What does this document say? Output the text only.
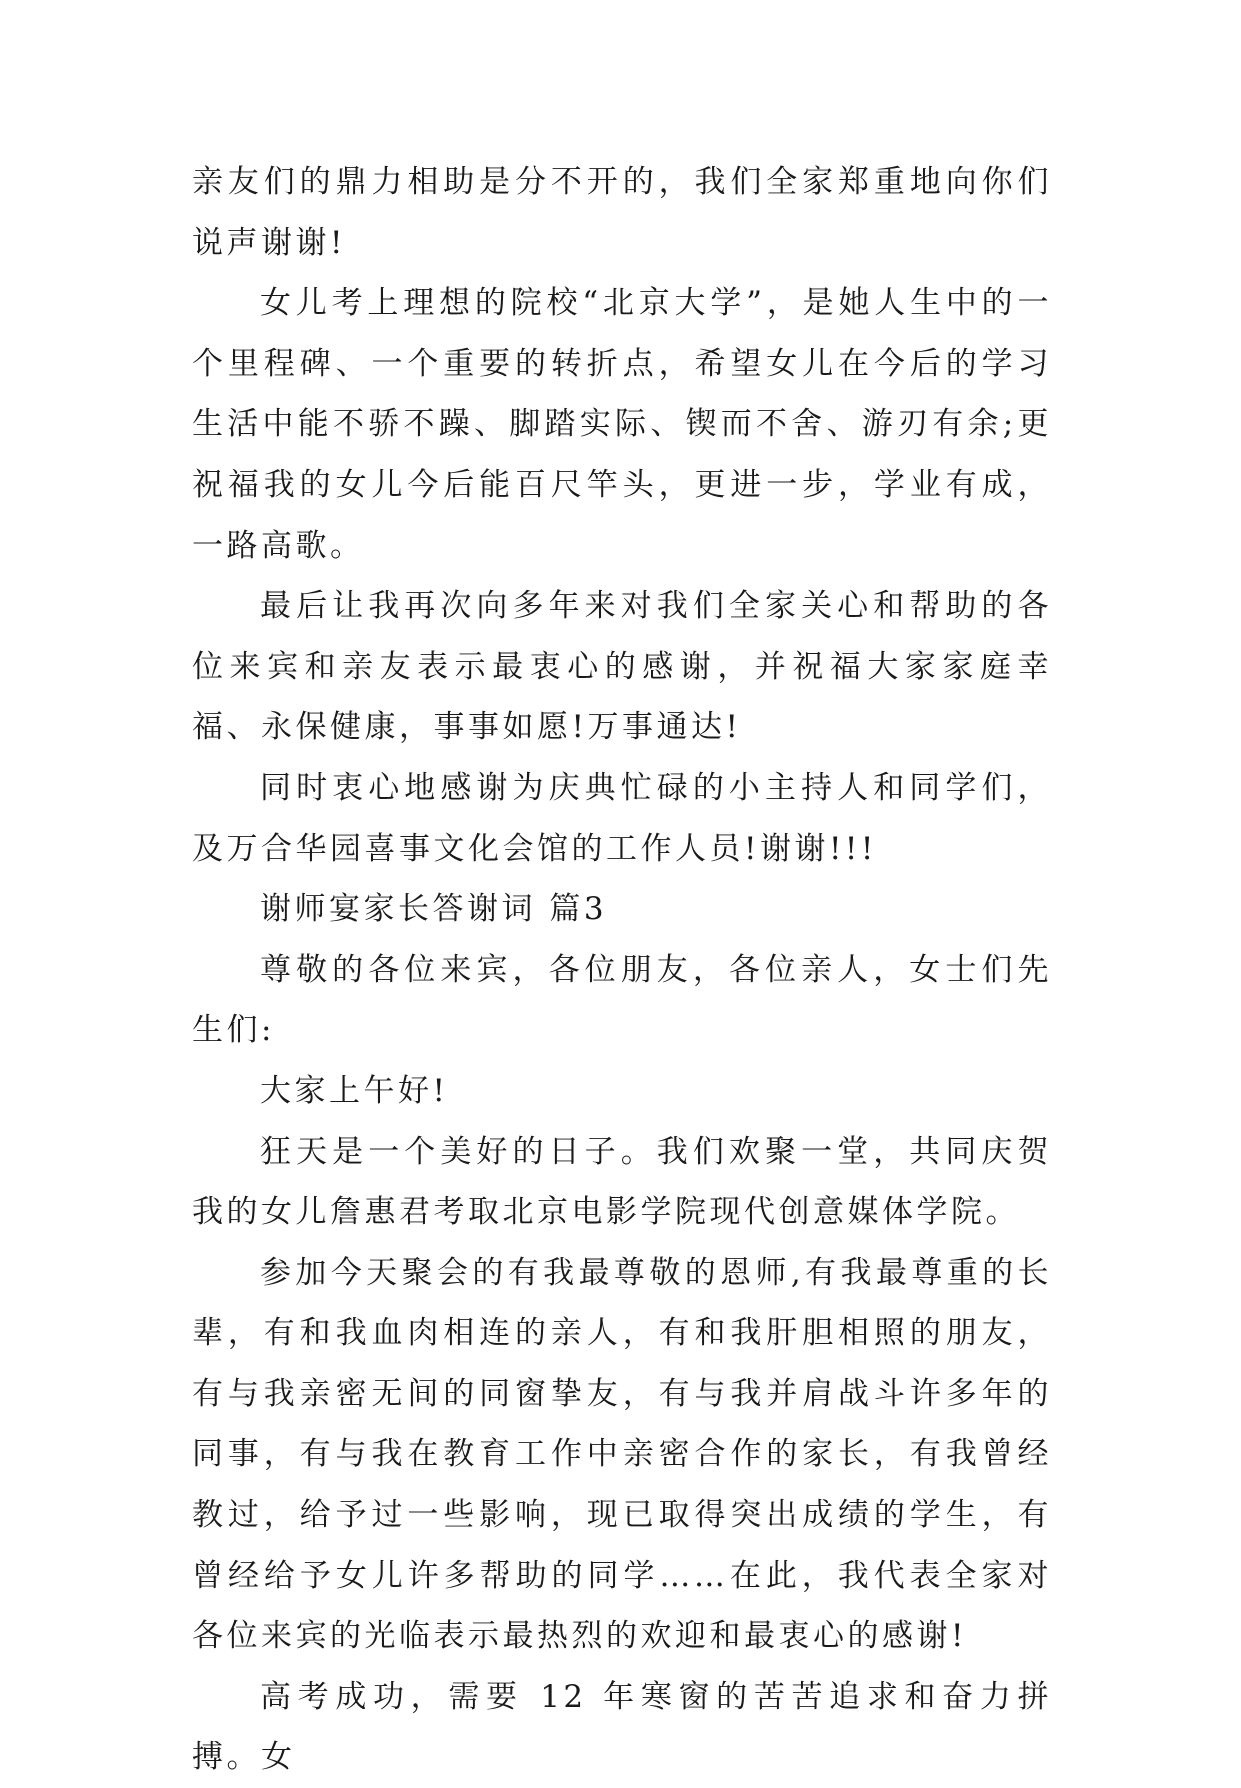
亲友们的鼎力相助是分不开的，我们全家郑重地向你们说声谢谢!

女儿考上理想的院校“北京大学”，是她人生中的一个里程碑、一个重要的转折点，希望女儿在今后的学习生活中能不骄不躁、脚踏实际、锲而不舍、游刃有余;更祝福我的女儿今后能百尺竿头，更进一步，学业有成，一路高歌。

最后让我再次向多年来对我们全家关心和帮助的各位来宾和亲友表示最衷心的感谢，并祝福大家家庭幸福、永保健康，事事如愿!万事通达!

同时衷心地感谢为庆典忙碌的小主持人和同学们，及万合华园喜事文化会馆的工作人员!谢谢!!!

谢师宴家长答谢词 篇3

尊敬的各位来宾，各位朋友，各位亲人，女士们先生们:

大家上午好!

狂天是一个美好的日子。我们欢聚一堂，共同庆贺我的女儿詹惠君考取北京电影学院现代创意媒体学院。

参加今天聚会的有我最尊敬的恩师,有我最尊重的长辈，有和我血肉相连的亲人，有和我肝胆相照的朋友，有与我亲密无间的同窗挚友，有与我并肩战斗许多年的同事，有与我在教育工作中亲密合作的家长，有我曾经教过，给予过一些影响，现已取得突出成绩的学生，有曾经给予女儿许多帮助的同学……在此，我代表全家对各位来宾的光临表示最热烈的欢迎和最衷心的感谢!

高考成功，需要 12 年寒窗的苦苦追求和奋力拼搏。女
